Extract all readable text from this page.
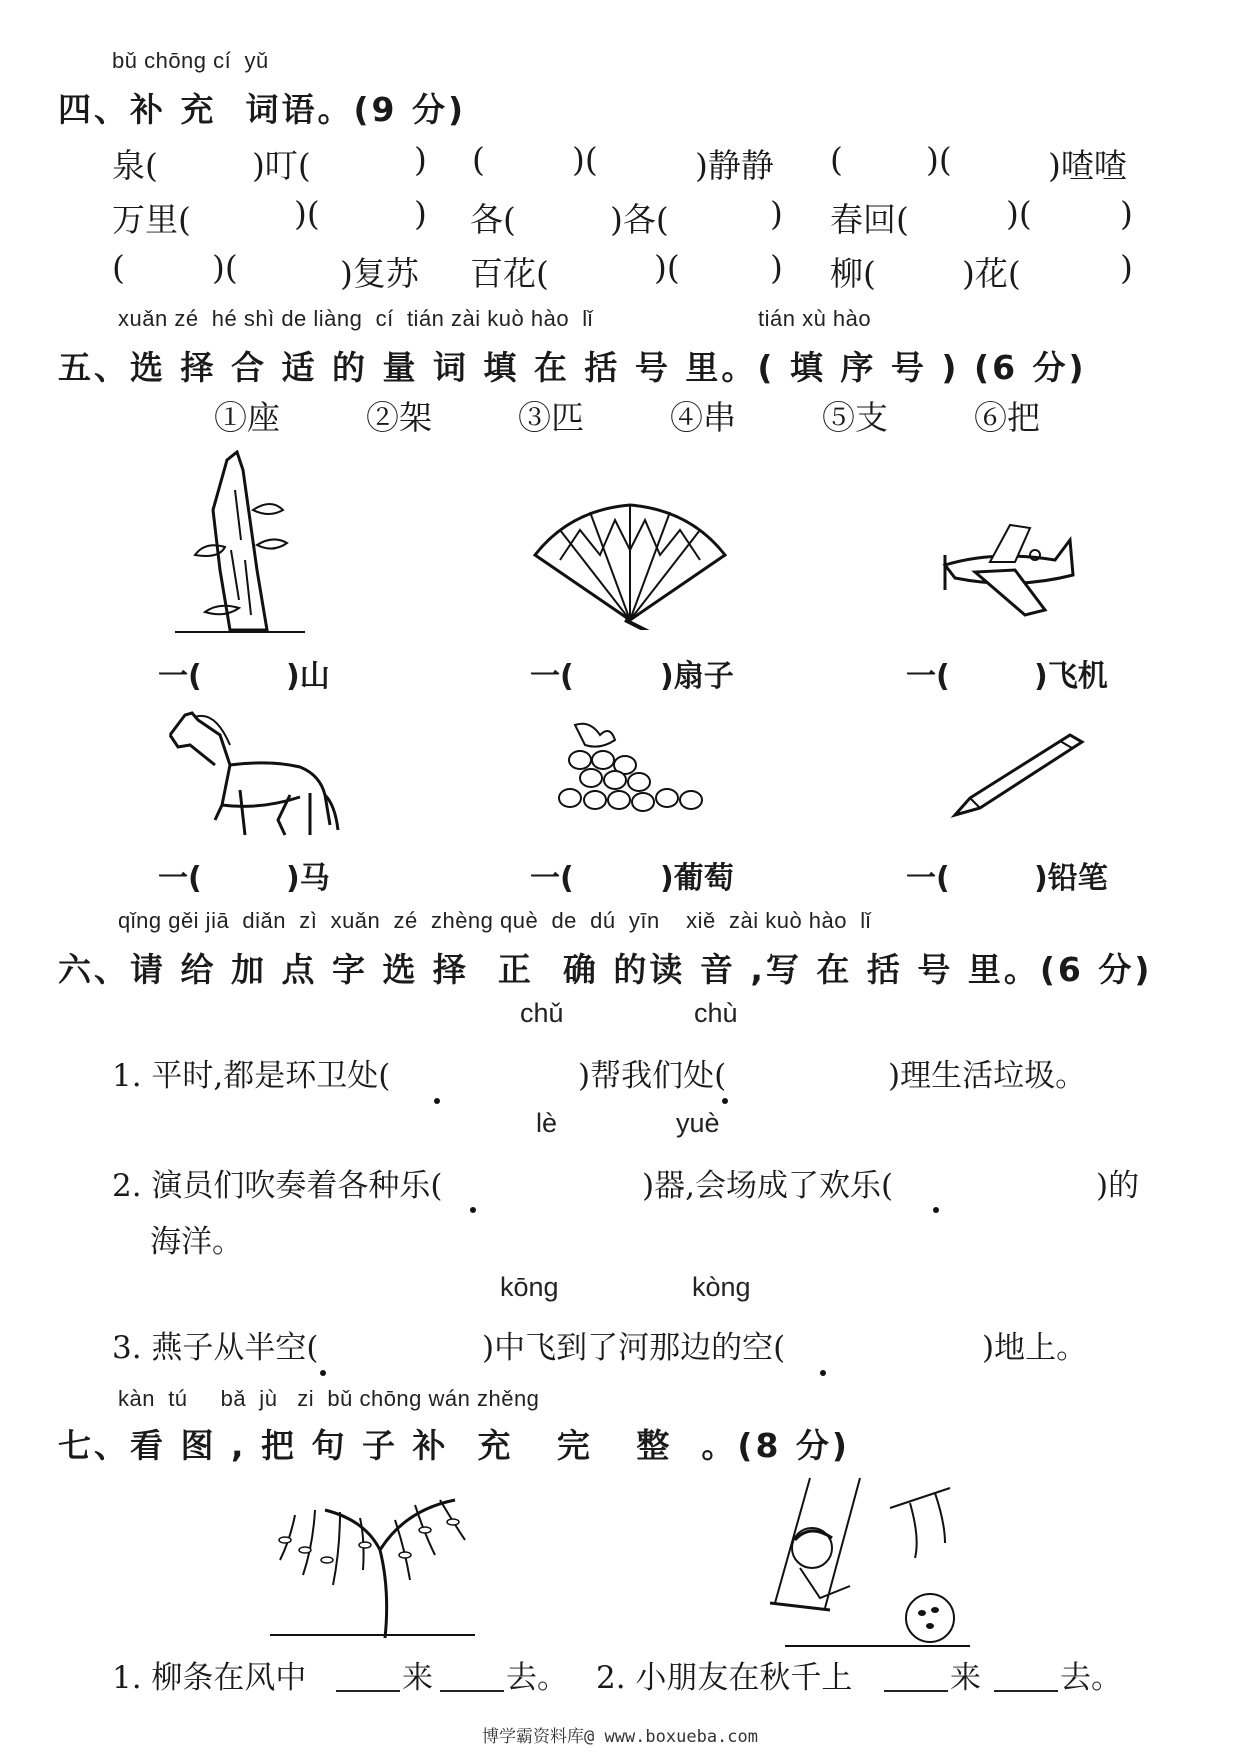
bǔ chōng cí  yǔ
四、补 充  词语。(9 分)
泉(	)叮(	) (	)(	)静静 (	)(	)喳喳
万里(	)(	) 各(	)各(	) 春回(	)(	)
(	)(	)复苏 百花(	)(	) 柳(	)花(	)
xuǎn zé  hé shì de liàng  cí  tián zài kuò hào  lǐ	tián xù hào
五、选 择 合 适 的 量 词 填 在 括 号 里。( 填 序 号 ) (6 分)
①座	②架	③匹	④串	⑤支	⑥把
一(	)山	一(	)扇子	一(	)飞机
一(	)马	一(	)葡萄	一(	)铅笔
qǐng gěi jiā  diǎn  zì  xuǎn  zé  zhèng què  de  dú  yīn    xiě  zài kuò hào  lǐ
六、请 给 加 点 字 选 择  正  确 的读 音 ,写 在 括 号 里。(6 分)
chǔ	chù
1. 平时,都是环卫处(	)帮我们处(	)理生活垃圾。
lè	yuè
2. 演员们吹奏着各种乐(	)器,会场成了欢乐(	)的
海洋。
kōng	kòng
3. 燕子从半空(	)中飞到了河那边的空(	)地上。
kàn  tú     bǎ  jù   zi  bǔ chōng wán zhěng
七、看 图 , 把 句 子 补  充   完   整  。(8 分)
1. 柳条在风中	来 去。 2. 小朋友在秋千上	来	去。
博学霸资料库@ www.boxueba.com
